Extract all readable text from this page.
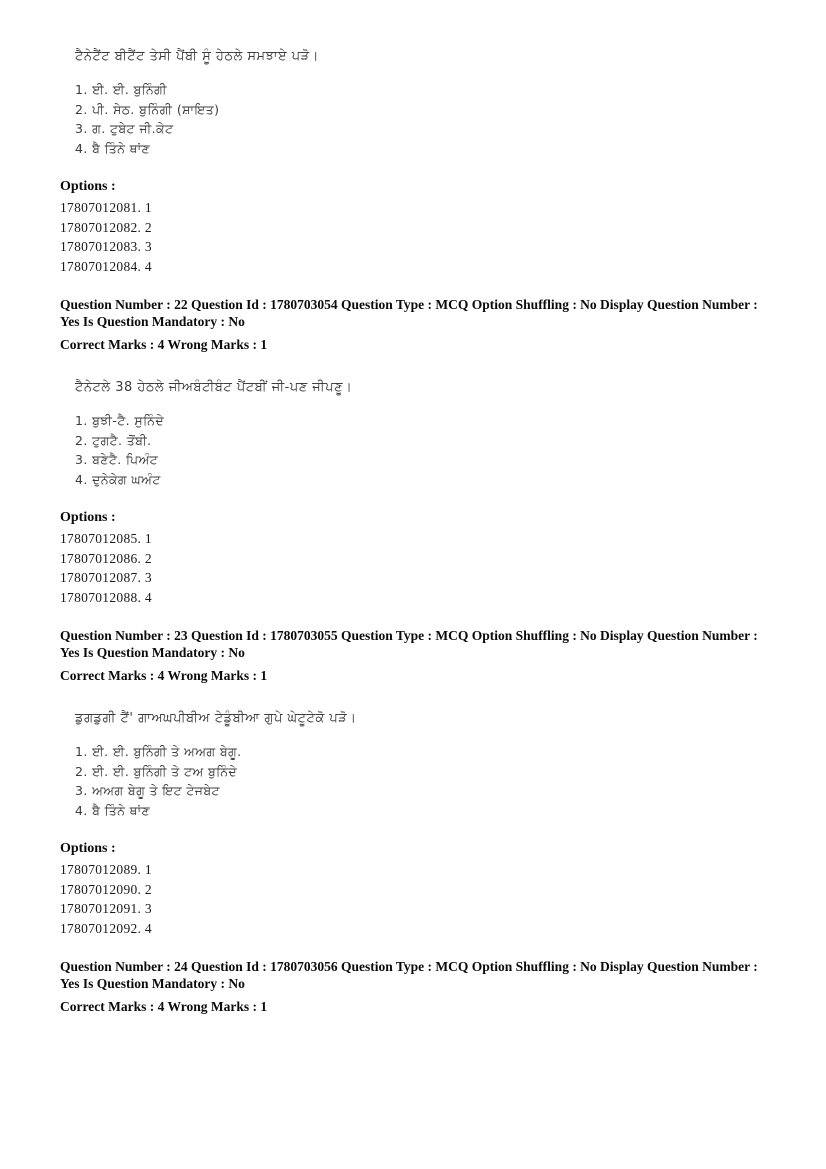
ਟੈਨੇਟੈਂਟ ਬੀਟੈਂਟ ਤੇਸੀ ਪੈਂਬੀ ਸੂੰ ਹੇਠਲੇ ਸਮਝਾਏ ਪੜੋ।

1. ਈ. ਈ. ਬੁਨਿੰਗੀ
2. ਪੀ. ਸੇਠ. ਬੁਨਿੰਗੀ (ਸ਼ਾਇਤ)
3. ਗ. ਟੁਬੇਟ ਜੀ.ਕੇਟ
4. ਬੈ ਤਿੰਨੇ ਥਾਂਣ

Options :

17807012081. 1
17807012082. 2
17807012083. 3
17807012084. 4

Question Number : 22 Question Id : 1780703054 Question Type : MCQ Option Shuffling : No Display Question Number : Yes Is Question Mandatory : No

Correct Marks : 4 Wrong Marks : 1

ਟੈਨੇਟਲੇ 38 ਹੇਠਲੇ ਜੀਅਬੰਟੀਬੰਟ ਪੈਂਟਬੀਂ ਜੀ-ਪਣ ਜੀਪਣੂ।

1. ਬੁਝੀ-ਟੈ. ਸੁਨਿੰਦੇ
2. ਟੁਗਟੈ. ਤੋਂਬੀ.
3. ਬਣੇਟੈ. ਪਿਅੰਟ
4. ਦੁਨੇਕੇਗ ਘਅੰਟ

Options :

17807012085. 1
17807012086. 2
17807012087. 3
17807012088. 4

Question Number : 23 Question Id : 1780703055 Question Type : MCQ Option Shuffling : No Display Question Number : Yes Is Question Mandatory : No

Correct Marks : 4 Wrong Marks : 1

ਡੁਗਡੁਗੀ ਟੈਂ' ਗਾਅਘਪੀਬੀਅ ਟੇਡੂੰਬੀਆ ਗੁਪੇ ਘੇਟੂਟੇਕੋ ਪੜੋ।

1. ਈ. ਈ. ਬੁਨਿੰਗੀ ਤੇ ਅਅਗ ਬੇਗੂ.
2. ਈ. ਈ. ਬੁਨਿੰਗੀ ਤੇ ਟਅ ਬੁਨਿੰਦੇ
3. ਅਅਗ ਬੇਗੂ ਤੇ ਇਟ ਟੇਜਬੇਟ
4. ਬੈ ਤਿੰਨੇ ਥਾਂਣ

Options :

17807012089. 1
17807012090. 2
17807012091. 3
17807012092. 4

Question Number : 24 Question Id : 1780703056 Question Type : MCQ Option Shuffling : No Display Question Number : Yes Is Question Mandatory : No

Correct Marks : 4 Wrong Marks : 1
